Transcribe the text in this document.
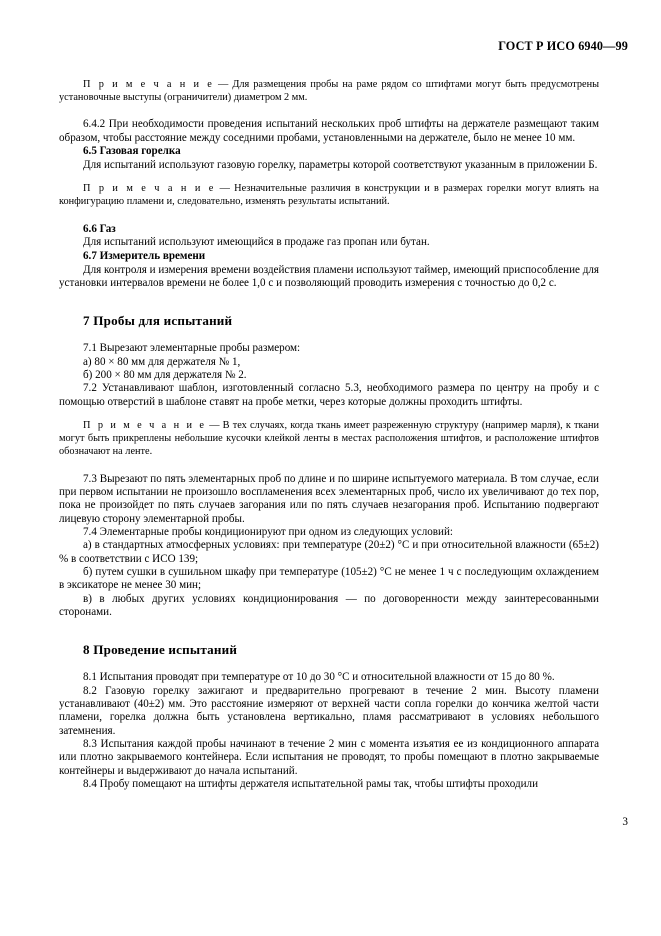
ГОСТ Р ИСО 6940—99

П р и м е ч а н и е — Для размещения пробы на раме рядом со штифтами могут быть предусмотрены установочные выступы (ограничители) диаметром 2 мм.

6.4.2 При необходимости проведения испытаний нескольких проб штифты на держателе размещают таким образом, чтобы расстояние между соседними пробами, установленными на держателе, было не менее 10 мм.

6.5 Газовая горелка

Для испытаний используют газовую горелку, параметры которой соответствуют указанным в приложении Б.

П р и м е ч а н и е — Незначительные различия в конструкции и в размерах горелки могут влиять на конфигурацию пламени и, следовательно, изменять результаты испытаний.

6.6 Газ

Для испытаний используют имеющийся в продаже газ пропан или бутан.

6.7 Измеритель времени

Для контроля и измерения времени воздействия пламени используют таймер, имеющий приспособление для установки интервалов времени не более 1,0 с и позволяющий проводить измерения с точностью до 0,2 с.

7 Пробы для испытаний

7.1 Вырезают элементарные пробы размером:

а) 80 × 80 мм для держателя № 1,

б) 200 × 80 мм для держателя № 2.

7.2 Устанавливают шаблон, изготовленный согласно 5.3, необходимого размера по центру на пробу и с помощью отверстий в шаблоне ставят на пробе метки, через которые должны проходить штифты.

П р и м е ч а н и е — В тех случаях, когда ткань имеет разреженную структуру (например марля), к ткани могут быть прикреплены небольшие кусочки клейкой ленты в местах расположения штифтов, и расположение штифтов обозначают на ленте.

7.3 Вырезают по пять элементарных проб по длине и по ширине испытуемого материала. В том случае, если при первом испытании не произошло воспламенения всех элементарных проб, число их увеличивают до тех пор, пока не произойдет по пять случаев загорания или по пять случаев незагорания проб. Испытанию подвергают лицевую сторону элементарной пробы.

7.4 Элементарные пробы кондиционируют при одном из следующих условий:

а) в стандартных атмосферных условиях: при температуре (20±2) °С и при относительной влажности (65±2) % в соответствии с ИСО 139;

б) путем сушки в сушильном шкафу при температуре (105±2) °С не менее 1 ч с последующим охлаждением в эксикаторе не менее 30 мин;

в) в любых других условиях кондиционирования — по договоренности между заинтересованными сторонами.

8 Проведение испытаний

8.1 Испытания проводят при температуре от 10 до 30 °С и относительной влажности от 15 до 80 %.

8.2 Газовую горелку зажигают и предварительно прогревают в течение 2 мин. Высоту пламени устанавливают (40±2) мм. Это расстояние измеряют от верхней части сопла горелки до кончика желтой части пламени, горелка должна быть установлена вертикально, пламя рассматривают в условиях небольшого затемнения.

8.3 Испытания каждой пробы начинают в течение 2 мин с момента изъятия ее из кондиционного аппарата или плотно закрываемого контейнера. Если испытания не проводят, то пробы помещают в плотно закрываемые контейнеры и выдерживают до начала испытаний.

8.4 Пробу помещают на штифты держателя испытательной рамы так, чтобы штифты проходили

3
